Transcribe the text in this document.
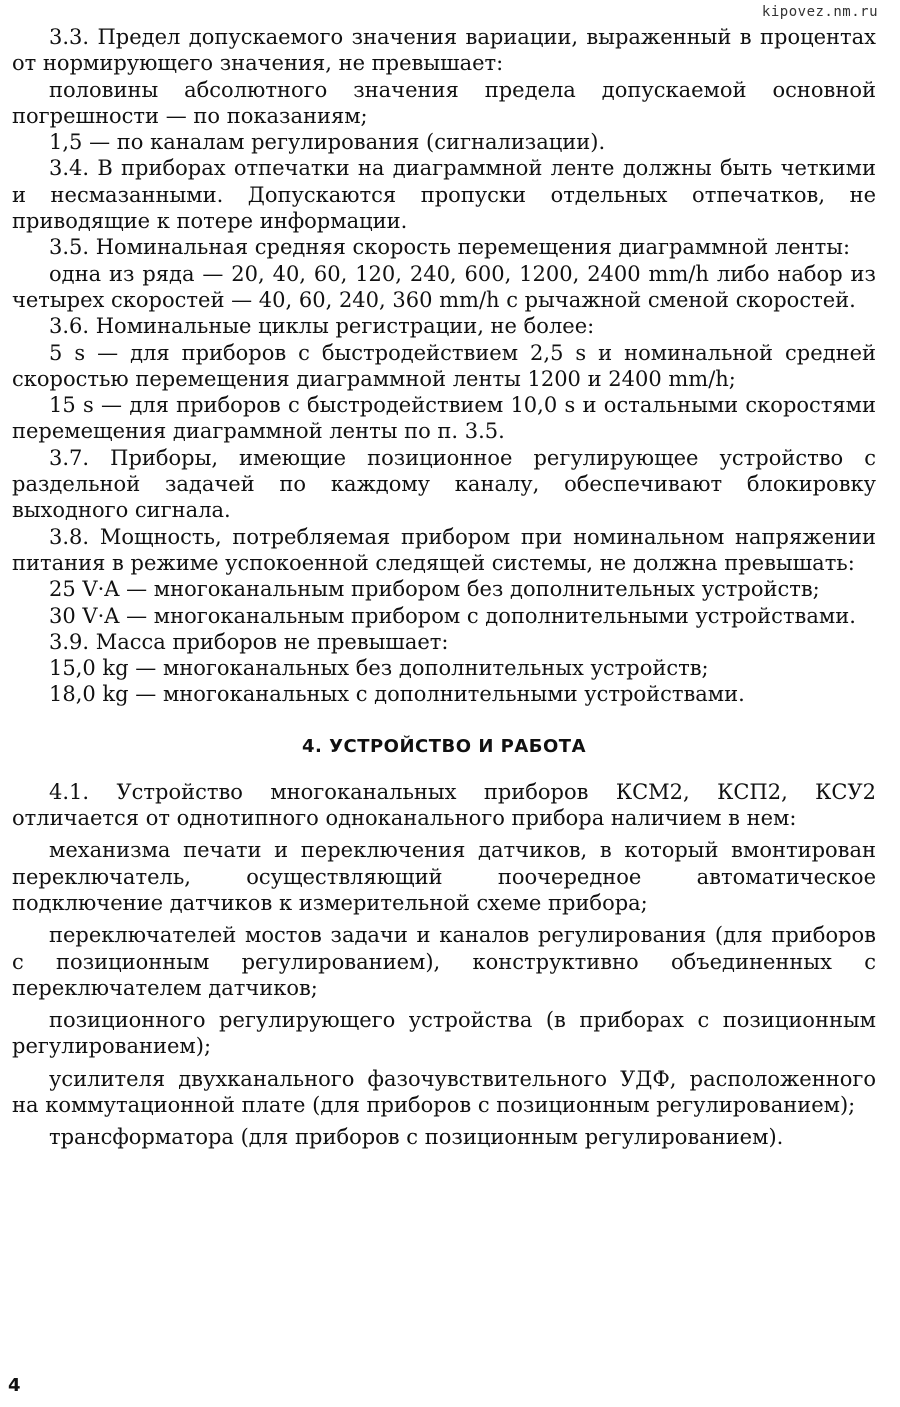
kipovez.nm.ru

3.3. Предел допускаемого значения вариации, выраженный в процентах от нормирующего значения, не превышает:

половины абсолютного значения предела допускаемой основной погрешности — по показаниям;

1,5 — по каналам регулирования (сигнализации).

3.4. В приборах отпечатки на диаграммной ленте должны быть четкими и несмазанными. Допускаются пропуски отдельных отпечатков, не приводящие к потере информации.

3.5. Номинальная средняя скорость перемещения диаграммной ленты:

одна из ряда — 20, 40, 60, 120, 240, 600, 1200, 2400 mm/h либо набор из четырех скоростей — 40, 60, 240, 360 mm/h с рычажной сменой скоростей.

3.6. Номинальные циклы регистрации, не более:

5 s — для приборов с быстродействием 2,5 s и номинальной средней скоростью перемещения диаграммной ленты 1200 и 2400 mm/h;

15 s — для приборов с быстродействием 10,0 s и остальными скоростями перемещения диаграммной ленты по п. 3.5.

3.7. Приборы, имеющие позиционное регулирующее устройство с раздельной задачей по каждому каналу, обеспечивают блокировку выходного сигнала.

3.8. Мощность, потребляемая прибором при номинальном напряжении питания в режиме успокоенной следящей системы, не должна превышать:

25 V·A — многоканальным прибором без дополнительных устройств;

30 V·A — многоканальным прибором с дополнительными устройствами.

3.9. Масса приборов не превышает:

15,0 kg — многоканальных без дополнительных устройств;

18,0 kg — многоканальных с дополнительными устройствами.

4. УСТРОЙСТВО И РАБОТА

4.1. Устройство многоканальных приборов КСМ2, КСП2, КСУ2 отличается от однотипного одноканального прибора наличием в нем:

механизма печати и переключения датчиков, в который вмонтирован переключатель, осуществляющий поочередное автоматическое подключение датчиков к измерительной схеме прибора;

переключателей мостов задачи и каналов регулирования (для приборов с позиционным регулированием), конструктивно объединенных с переключателем датчиков;

позиционного регулирующего устройства (в приборах с позиционным регулированием);

усилителя двухканального фазочувствительного УДФ, расположенного на коммутационной плате (для приборов с позиционным регулированием);

трансформатора (для приборов с позиционным регулированием).

4
